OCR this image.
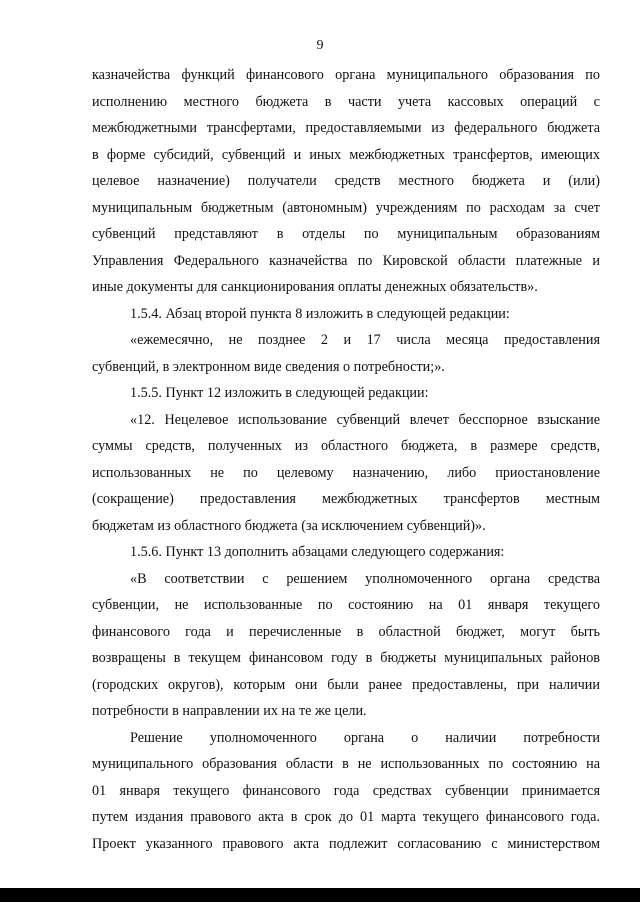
9
казначейства функций финансового органа муниципального образования по
исполнению местного бюджета в части учета кассовых операций с
межбюджетными трансфертами, предоставляемыми из федерального бюджета
в форме субсидий, субвенций и иных межбюджетных трансфертов, имеющих
целевое назначение) получатели средств местного бюджета и (или)
муниципальным бюджетным (автономным) учреждениям по расходам за счет
субвенций представляют в отделы по муниципальным образованиям
Управления Федерального казначейства по Кировской области платежные и
иные документы для санкционирования оплаты денежных обязательств».
1.5.4. Абзац второй пункта 8 изложить в следующей редакции:
«ежемесячно, не позднее 2 и 17 числа месяца предоставления
субвенций, в электронном виде сведения о потребности;».
1.5.5. Пункт 12 изложить в следующей редакции:
«12. Нецелевое использование субвенций влечет бесспорное взыскание
суммы средств, полученных из областного бюджета, в размере средств,
использованных не по целевому назначению, либо приостановление
(сокращение) предоставления межбюджетных трансфертов местным
бюджетам из областного бюджета (за исключением субвенций)».
1.5.6. Пункт 13 дополнить абзацами следующего содержания:
«В соответствии с решением уполномоченного органа средства
субвенции, не использованные по состоянию на 01 января текущего
финансового года и перечисленные в областной бюджет, могут быть
возвращены в текущем финансовом году в бюджеты муниципальных районов
(городских округов), которым они были ранее предоставлены, при наличии
потребности в направлении их на те же цели.
Решение уполномоченного органа о наличии потребности
муниципального образования области в не использованных по состоянию на
01 января текущего финансового года средствах субвенции принимается
путем издания правового акта в срок до 01 марта текущего финансового года.
Проект указанного правового акта подлежит согласованию с министерством
